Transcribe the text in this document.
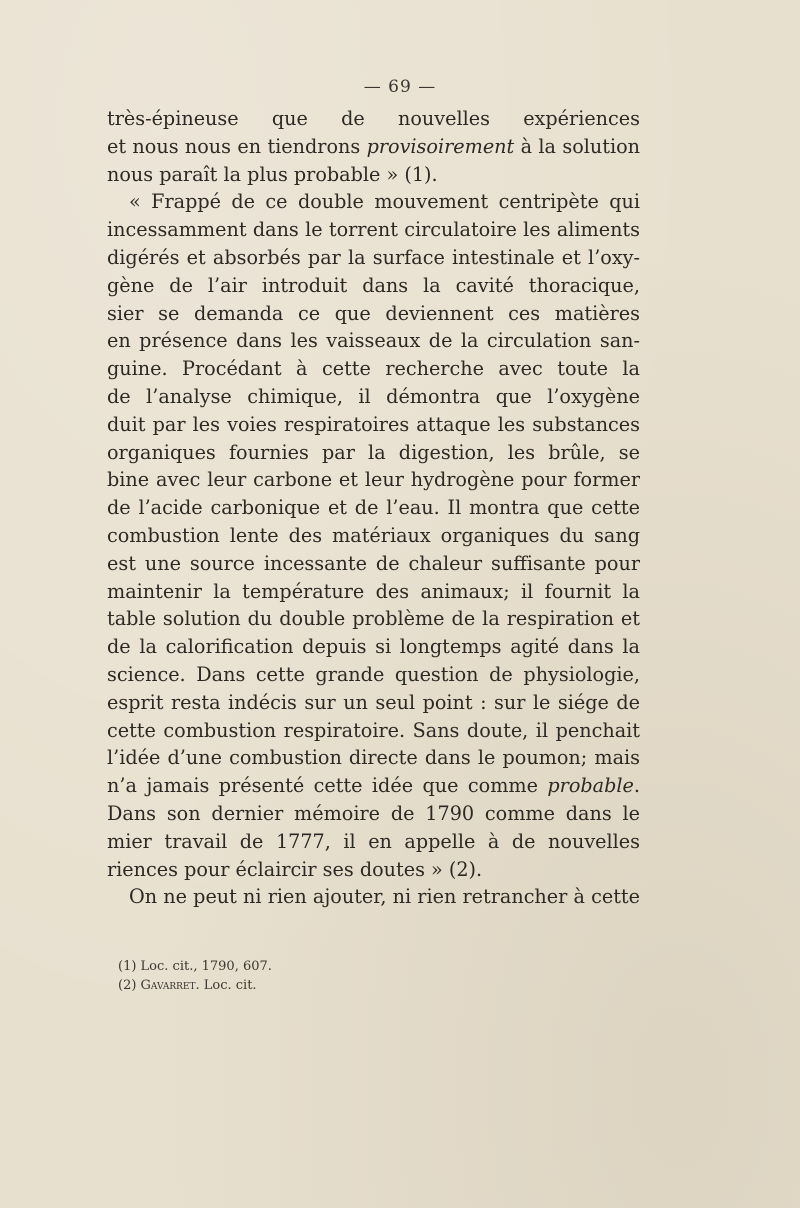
— 69 —
très-épineuse que de nouvelles expériences
et nous nous en tiendrons provisoirement à la solution
nous paraît la plus probable » (1).
« Frappé de ce double mouvement centripète qui
incessamment dans le torrent circulatoire les aliments
digérés et absorbés par la surface intestinale et l’oxy-
gène de l’air introduit dans la cavité thoracique,
sier se demanda ce que deviennent ces matières
en présence dans les vaisseaux de la circulation san-
guine. Procédant à cette recherche avec toute la
de l’analyse chimique, il démontra que l’oxygène
duit par les voies respiratoires attaque les substances
organiques fournies par la digestion, les brûle, se
bine avec leur carbone et leur hydrogène pour former
de l’acide carbonique et de l’eau. Il montra que cette
combustion lente des matériaux organiques du sang
est une source incessante de chaleur suffisante pour
maintenir la température des animaux; il fournit la
table solution du double problème de la respiration et
de la calorification depuis si longtemps agité dans la
science. Dans cette grande question de physiologie,
esprit resta indécis sur un seul point : sur le siége de
cette combustion respiratoire. Sans doute, il penchait
l’idée d’une combustion directe dans le poumon; mais
n’a jamais présenté cette idée que comme probable.
Dans son dernier mémoire de 1790 comme dans le
mier travail de 1777, il en appelle à de nouvelles
riences pour éclaircir ses doutes » (2).
On ne peut ni rien ajouter, ni rien retrancher à cette
(1) Loc. cit., 1790, 607.
(2) Gavarret. Loc. cit.
